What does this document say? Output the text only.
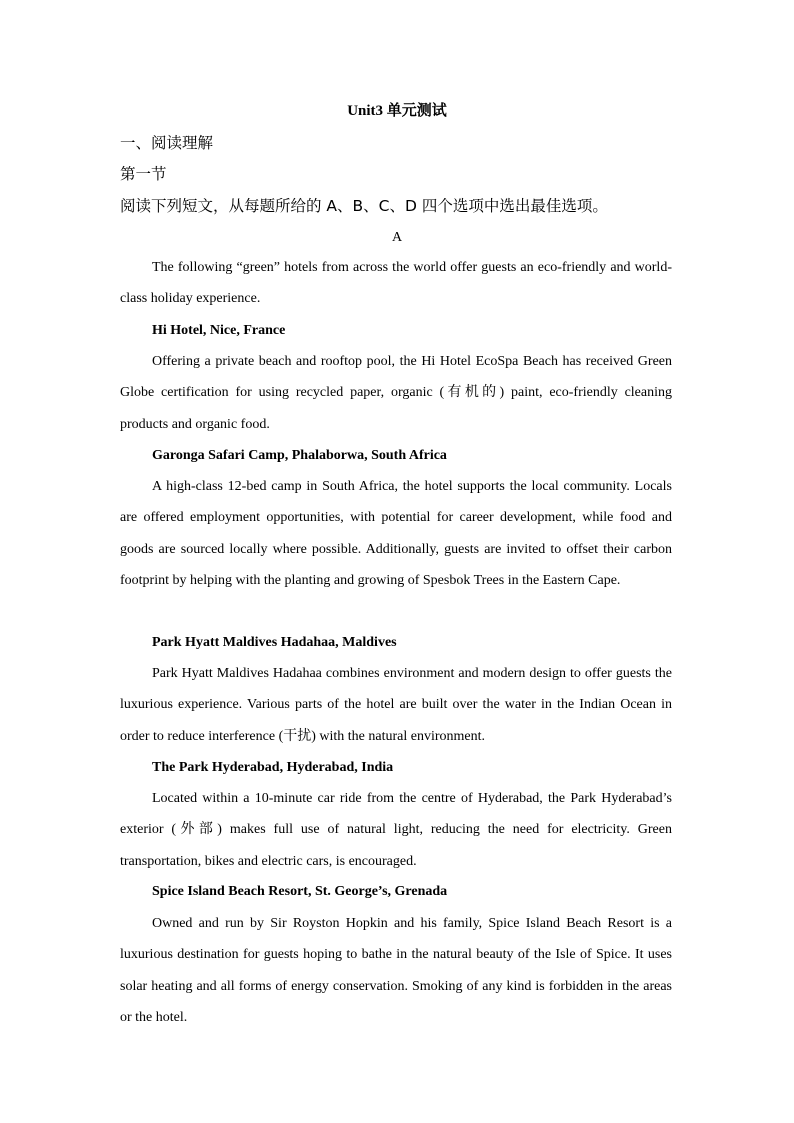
Unit3 单元测试
一、阅读理解
第一节
阅读下列短文，从每题所给的 A、B、C、D 四个选项中选出最佳选项。
A

The following “green” hotels from across the world offer guests an eco-friendly and world-class holiday experience.

Hi Hotel, Nice, France

Offering a private beach and rooftop pool, the Hi Hotel EcoSpa Beach has received Green Globe certification for using recycled paper, organic (有机的) paint, eco-friendly cleaning products and organic food.

Garonga Safari Camp, Phalaborwa, South Africa

A high-class 12-bed camp in South Africa, the hotel supports the local community. Locals are offered employment opportunities, with potential for career development, while food and goods are sourced locally where possible. Additionally, guests are invited to offset their carbon footprint by helping with the planting and growing of Spesbok Trees in the Eastern Cape.

Park Hyatt Maldives Hadahaa, Maldives

Park Hyatt Maldives Hadahaa combines environment and modern design to offer guests the luxurious experience. Various parts of the hotel are built over the water in the Indian Ocean in order to reduce interference (干扰) with the natural environment.

The Park Hyderabad, Hyderabad, India

Located within a 10-minute car ride from the centre of Hyderabad, the Park Hyderabad’s exterior (外部) makes full use of natural light, reducing the need for electricity. Green transportation, bikes and electric cars, is encouraged.

Spice Island Beach Resort, St. George’s, Grenada

Owned and run by Sir Royston Hopkin and his family, Spice Island Beach Resort is a luxurious destination for guests hoping to bathe in the natural beauty of the Isle of Spice. It uses solar heating and all forms of energy conservation. Smoking of any kind is forbidden in the areas or the hotel.
